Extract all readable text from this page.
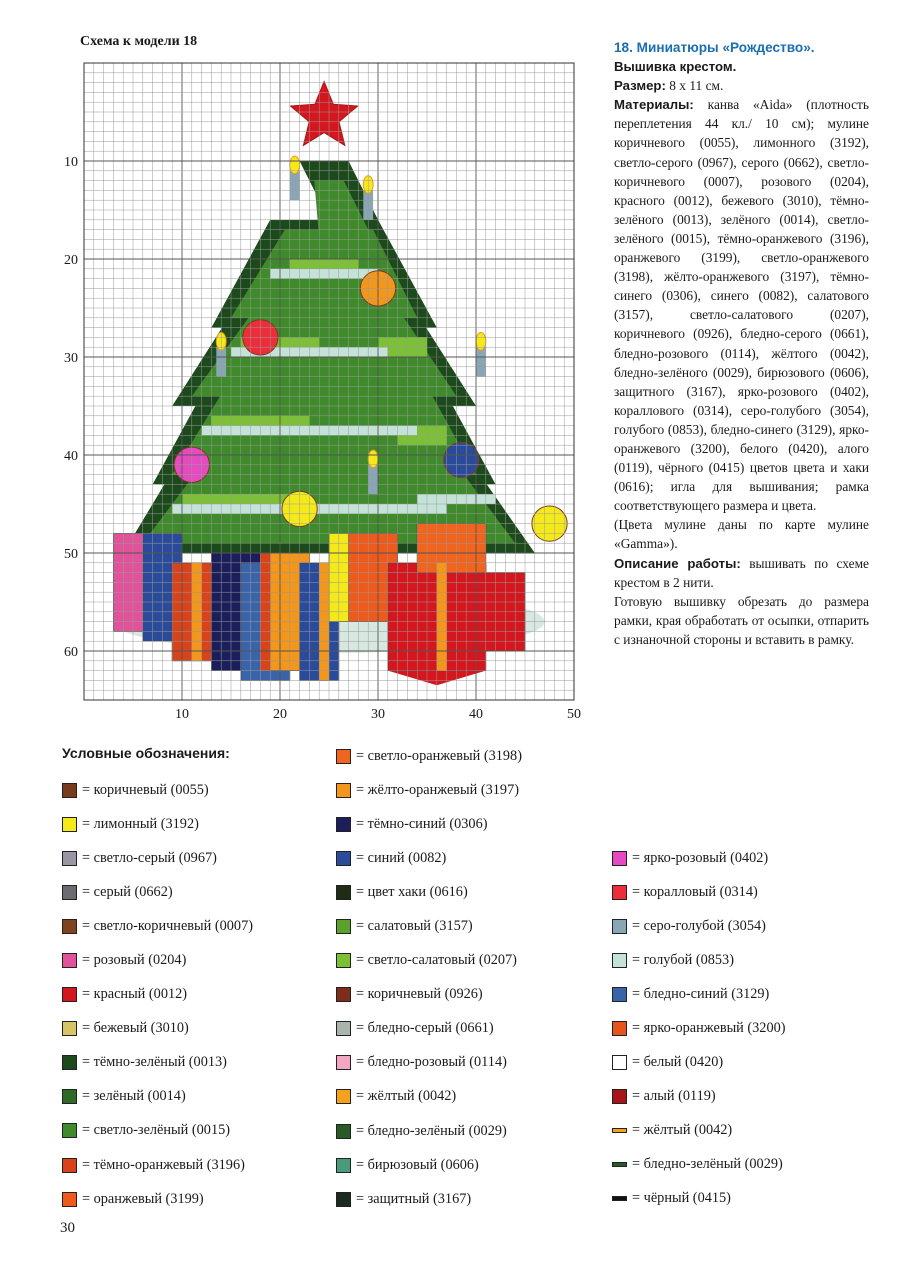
Схема к модели 18
10	20	30	40	50
10
20
30
40
50
60
18. Миниатюры «Рождество».
Вышивка крестом.

Размер: 8 х 11 см.

Материалы: канва «Aida» (плотность переплетения 44 кл./ 10 см); мулине коричневого (0055), лимонного (3192), светло-серого (0967), серого (0662), светло-коричневого (0007), розового (0204), красного (0012), бежевого (3010), тёмно-зелёного (0013), зелёного (0014), светло-зелёного (0015), тёмно-оранжевого (3196), оранжевого (3199), светло-оранжевого (3198), жёлто-оранжевого (3197), тёмно-синего (0306), синего (0082), салатового (3157), светло-салатового (0207), коричневого (0926), бледно-серого (0661), бледно-розового (0114), жёлтого (0042), бледно-зелёного (0029), бирюзового (0606), защитного (3167), ярко-розового (0402), кораллового (0314), серо-голубого (3054), голубого (0853), бледно-синего (3129), ярко-оранжевого (3200), белого (0420), алого (0119), чёрного (0415) цветов цвета и хаки (0616); игла для вышивания; рамка соответствующего размера и цвета.

(Цвета мулине даны по карте мулине «Gamma»).

Описание работы: вышивать по схеме крестом в 2 нити.

Готовую вышивку обрезать до размера рамки, края обработать от осыпки, отпарить с изнаночной стороны и вставить в рамку.

Условные обозначения:
= коричневый (0055)
= лимонный (3192)
= светло-серый (0967)
= серый (0662)
= светло-коричневый (0007)
= розовый (0204)
= красный (0012)
= бежевый (3010)
= тёмно-зелёный (0013)
= зелёный (0014)
= светло-зелёный (0015)
= тёмно-оранжевый (3196)
= оранжевый (3199)
= светло-оранжевый (3198)
= жёлто-оранжевый (3197)
= тёмно-синий (0306)
= синий (0082)
= цвет хаки (0616)
= салатовый (3157)
= светло-салатовый (0207)
= коричневый (0926)
= бледно-серый (0661)
= бледно-розовый (0114)
= жёлтый (0042)
= бледно-зелёный (0029)
= бирюзовый (0606)
= защитный (3167)
= ярко-розовый (0402)
= коралловый (0314)
= серо-голубой (3054)
= голубой (0853)
= бледно-синий (3129)
= ярко-оранжевый (3200)
= белый (0420)
= алый (0119)
= жёлтый (0042)
= бледно-зелёный (0029)
= чёрный (0415)
30
